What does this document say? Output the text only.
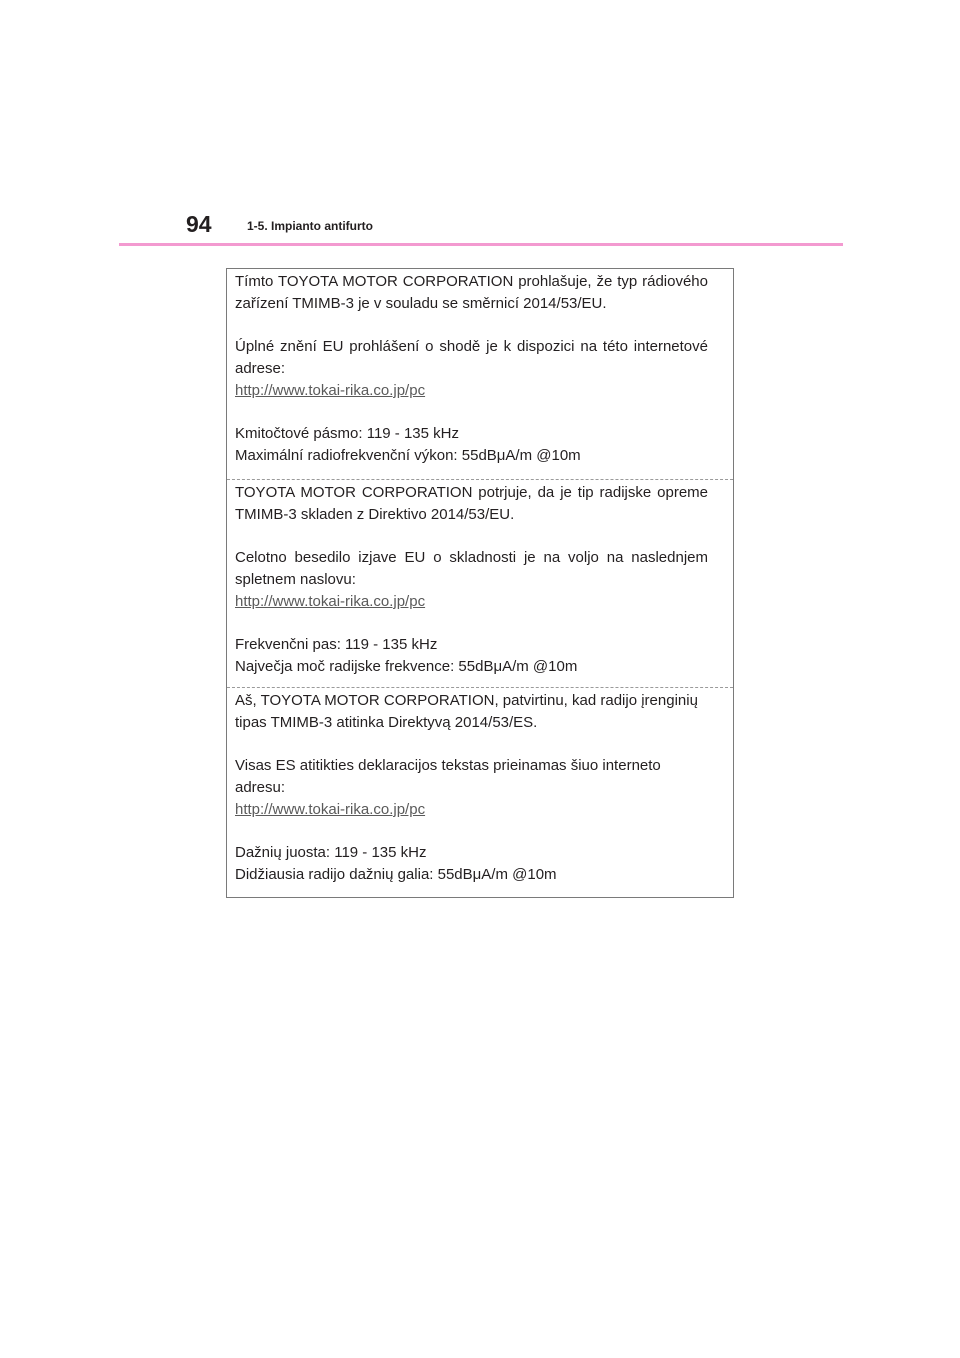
94	1-5. Impianto antifurto

Tímto TOYOTA MOTOR CORPORATION prohlašuje, že typ rádiového zařízení TMIMB-3 je v souladu se směrnicí 2014/53/EU.

Úplné znění EU prohlášení o shodě je k dispozici na této internetové adrese:

http://www.tokai-rika.co.jp/pc

Kmitočtové pásmo: 119 - 135 kHz

Maximální radiofrekvenční výkon: 55dBμA/m @10m

TOYOTA MOTOR CORPORATION potrjuje, da je tip radijske opreme TMIMB-3 skladen z Direktivo 2014/53/EU.

Celotno besedilo izjave EU o skladnosti je na voljo na naslednjem spletnem naslovu:

http://www.tokai-rika.co.jp/pc

Frekvenčni pas: 119 - 135 kHz

Največja moč radijske frekvence: 55dBμA/m @10m

Aš, TOYOTA MOTOR CORPORATION, patvirtinu, kad radijo įrenginių tipas TMIMB-3 atitinka Direktyvą 2014/53/ES.

Visas ES atitikties deklaracijos tekstas prieinamas šiuo interneto adresu:

http://www.tokai-rika.co.jp/pc

Dažnių juosta: 119 - 135 kHz

Didžiausia radijo dažnių galia: 55dBμA/m @10m
